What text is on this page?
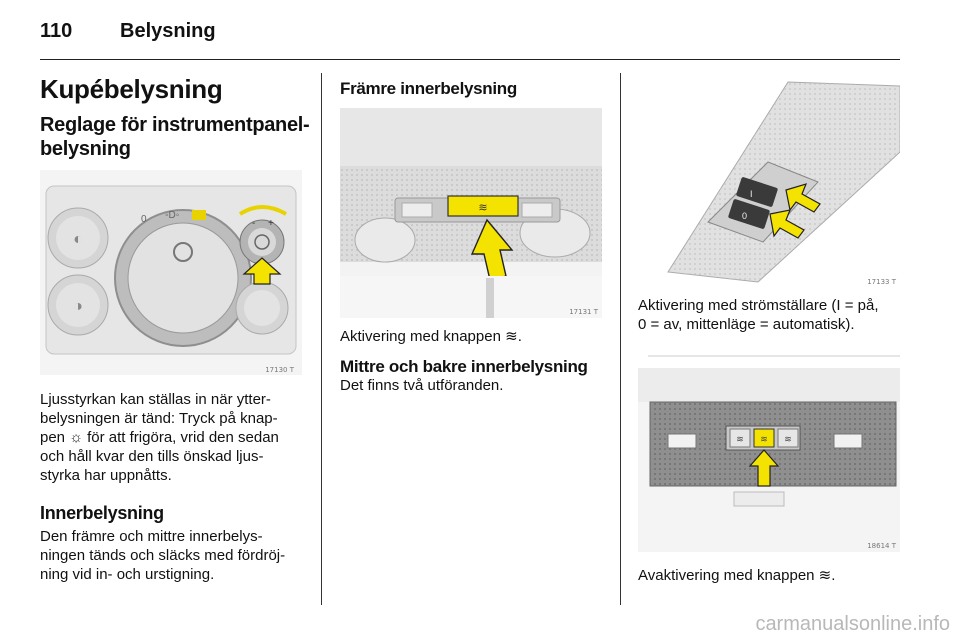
110 Belysning
Kupébelysning
Reglage för instrumentpanel-
belysning
◐
◑
0 ◦D◦
- +
17130 T

Ljusstyrkan kan ställas in när ytter-

belysningen är tänd: Tryck på knap-

pen ☼ för att frigöra, vrid den sedan

och håll kvar den tills önskad ljus-

styrka har uppnåtts.

Innerbelysning

Den främre och mittre innerbelys-

ningen tänds och släcks med fördröj-

ning vid in- och urstigning.

Främre innerbelysning
≋
17131 T

Aktivering med knappen ≋.

Mittre och bakre innerbelysning

Det finns två utföranden.

I
0
17133 T

Aktivering med strömställare (I = på,

0 = av, mittenläge = automatisk).

≋ ≋ ≋
18614 T

Avaktivering med knappen ≋.

carmanualsonline.info
